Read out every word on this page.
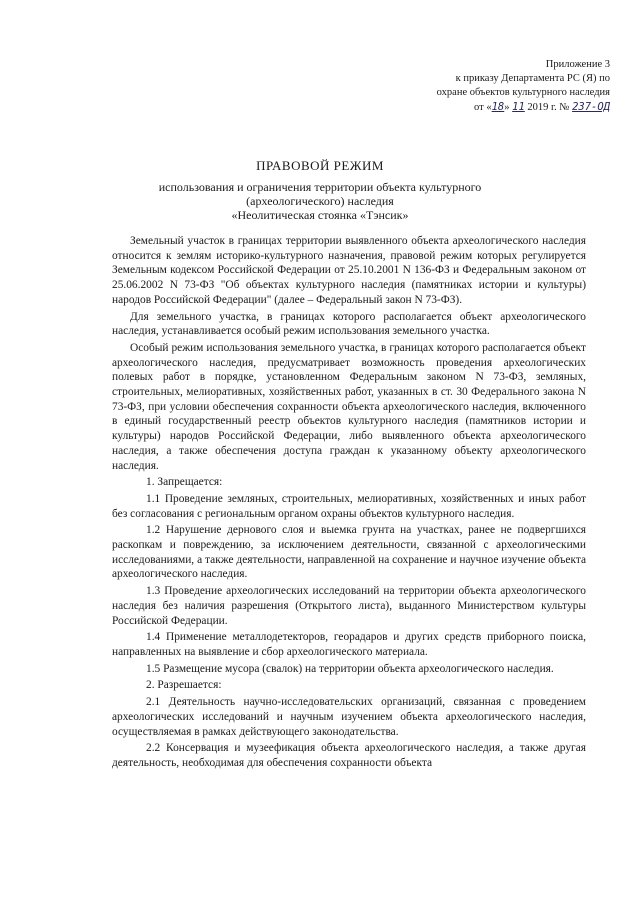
Приложение 3
к приказу Департамента РС (Я) по
охране объектов культурного наследия
от «18» 11 2019 г. № 237-ОД
ПРАВОВОЙ РЕЖИМ
использования и ограничения территории объекта культурного
(археологического) наследия
«Неолитическая стоянка «Тэнсик»

Земельный участок в границах территории выявленного объекта археологического наследия относится к землям историко-культурного назначения, правовой режим которых регулируется Земельным кодексом Российской Федерации от 25.10.2001 N 136-ФЗ и Федеральным законом от 25.06.2002 N 73-ФЗ "Об объектах культурного наследия (памятниках истории и культуры) народов Российской Федерации" (далее – Федеральный закон N 73-ФЗ).

Для земельного участка, в границах которого располагается объект археологического наследия, устанавливается особый режим использования земельного участка.

Особый режим использования земельного участка, в границах которого располагается объект археологического наследия, предусматривает возможность проведения археологических полевых работ в порядке, установленном Федеральным законом N 73-ФЗ, земляных, строительных, мелиоративных, хозяйственных работ, указанных в ст. 30 Федерального закона N 73-ФЗ, при условии обеспечения сохранности объекта археологического наследия, включенного в единый государственный реестр объектов культурного наследия (памятников истории и культуры) народов Российской Федерации, либо выявленного объекта археологического наследия, а также обеспечения доступа граждан к указанному объекту археологического наследия.

1. Запрещается:

1.1 Проведение земляных, строительных, мелиоративных, хозяйственных и иных работ без согласования с региональным органом охраны объектов культурного наследия.

1.2 Нарушение дернового слоя и выемка грунта на участках, ранее не подвергшихся раскопкам и повреждению, за исключением деятельности, связанной с археологическими исследованиями, а также деятельности, направленной на сохранение и научное изучение объекта археологического наследия.

1.3 Проведение археологических исследований на территории объекта археологического наследия без наличия разрешения (Открытого листа), выданного Министерством культуры Российской Федерации.

1.4 Применение металлодетекторов, георадаров и других средств приборного поиска, направленных на выявление и сбор археологического материала.

1.5 Размещение мусора (свалок) на территории объекта археологического наследия.

2. Разрешается:

2.1 Деятельность научно-исследовательских организаций, связанная с проведением археологических исследований и научным изучением объекта археологического наследия, осуществляемая в рамках действующего законодательства.

2.2 Консервация и музеефикация объекта археологического наследия, а также другая деятельность, необходимая для обеспечения сохранности объекта
